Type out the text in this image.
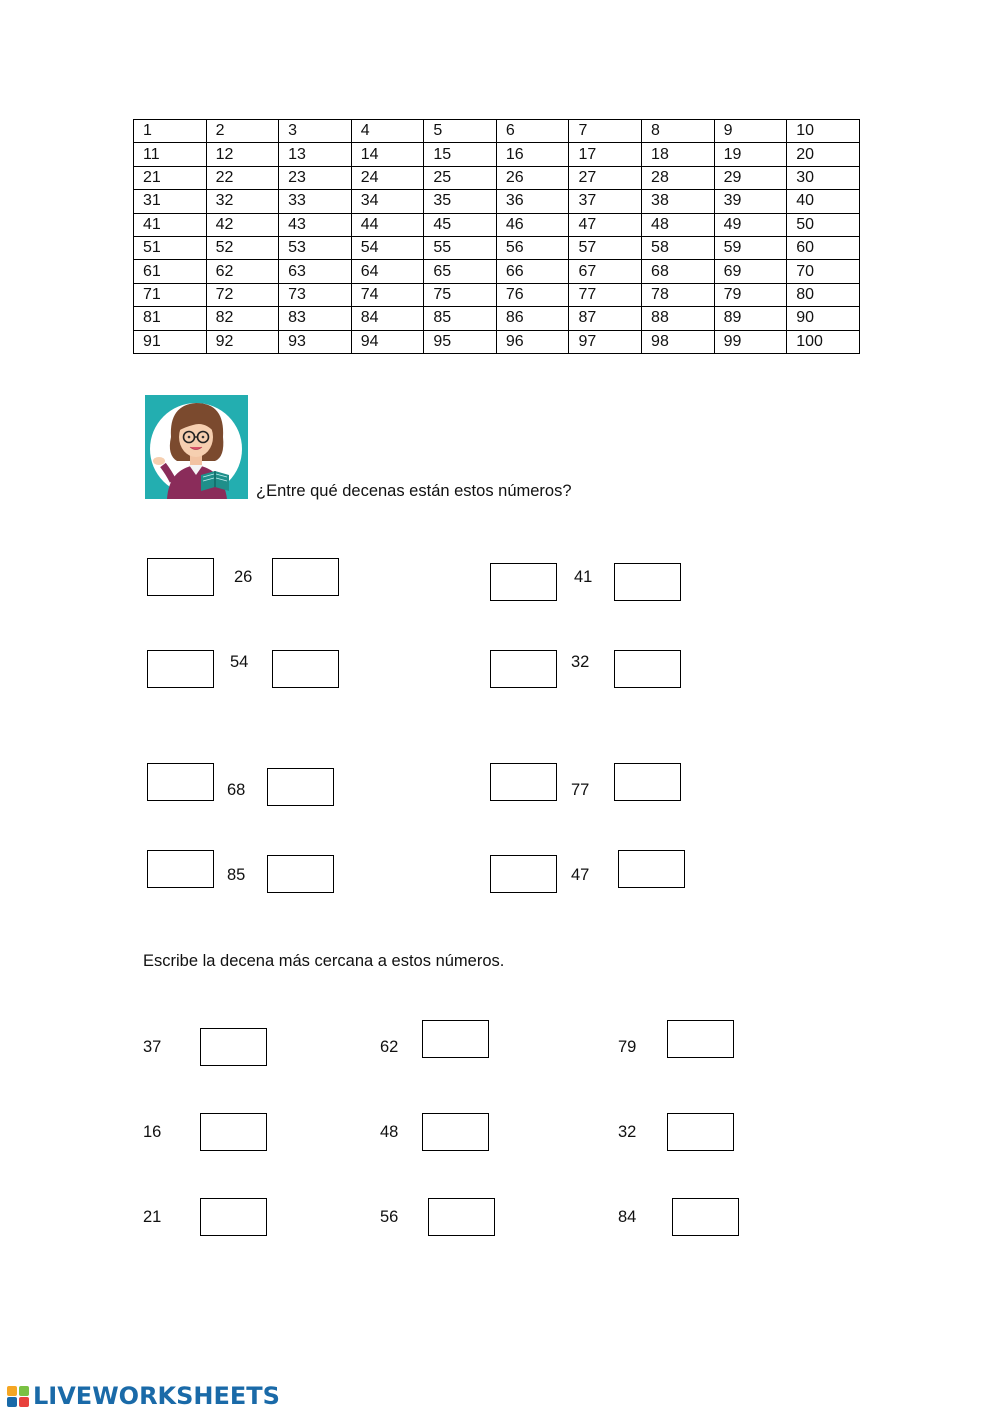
1	2	3	4	5	6	7	8	9	10
11	12	13	14	15	16	17	18	19	20
21	22	23	24	25	26	27	28	29	30
31	32	33	34	35	36	37	38	39	40
41	42	43	44	45	46	47	48	49	50
51	52	53	54	55	56	57	58	59	60
61	62	63	64	65	66	67	68	69	70
71	72	73	74	75	76	77	78	79	80
81	82	83	84	85	86	87	88	89	90
91	92	93	94	95	96	97	98	99	100
¿Entre qué decenas están estos números?
26	41
54	32
68	77
85	47
Escribe la decena más cercana a estos números.
37	62	79
16	48	32
21	56	84
LIVEWORKSHEETS
